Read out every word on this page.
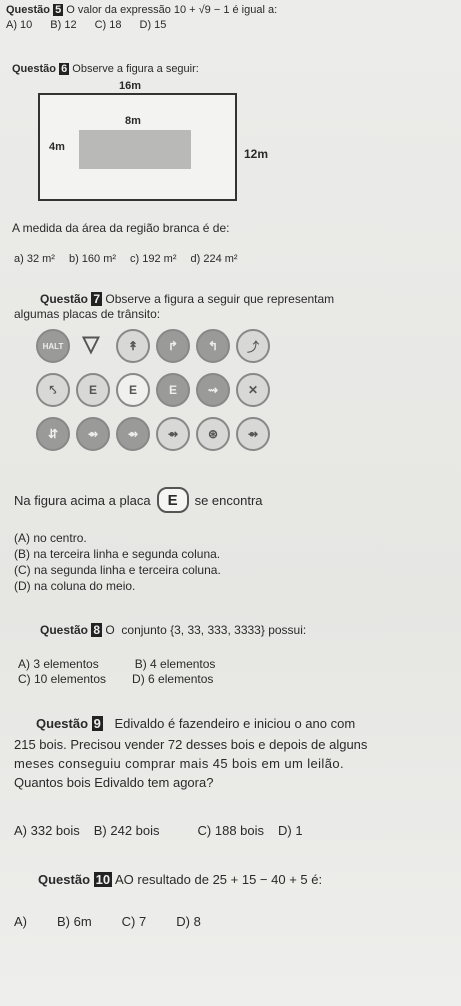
Questão 5 O valor da expressão 10 + √9 − 1 é igual a:
A) 10 B) 12 C) 18 D) 15
Questão 6 Observe a figura a seguir:
16m
8m
4m	12m
A medida da área da região branca é de:
a) 32 m² b) 160 m² c) 192 m² d) 224 m²
Questão 7 Observe a figura a seguir que representam
algumas placas de trânsito:
HALT ▽	↟	↱	↰	⤴
⤣	E	E	E	⇝	✕
⇵	⇴	⇴	⇴	⊛	⇴
Na figura acima a placa	E	se encontra
(A) no centro.
(B) na terceira linha e segunda coluna.
(C) na segunda linha e terceira coluna.
(D) na coluna do meio.
Questão 8 O  conjunto {3, 33, 333, 3333} possui:
A) 3 elementos	B) 4 elementos
C) 10 elementos D) 6 elementos
Questão 9 Edivaldo é fazendeiro e iniciou o ano com
215 bois. Precisou vender 72 desses bois e depois de alguns
meses conseguiu comprar mais 45 bois em um leilão.
Quantos bois Edivaldo tem agora?
A) 332 bois B) 242 bois	C) 188 bois D) 1
Questão 10 AO resultado de 25 + 15 − 40 + 5 é:
A) B) 6m C) 7 D) 8
